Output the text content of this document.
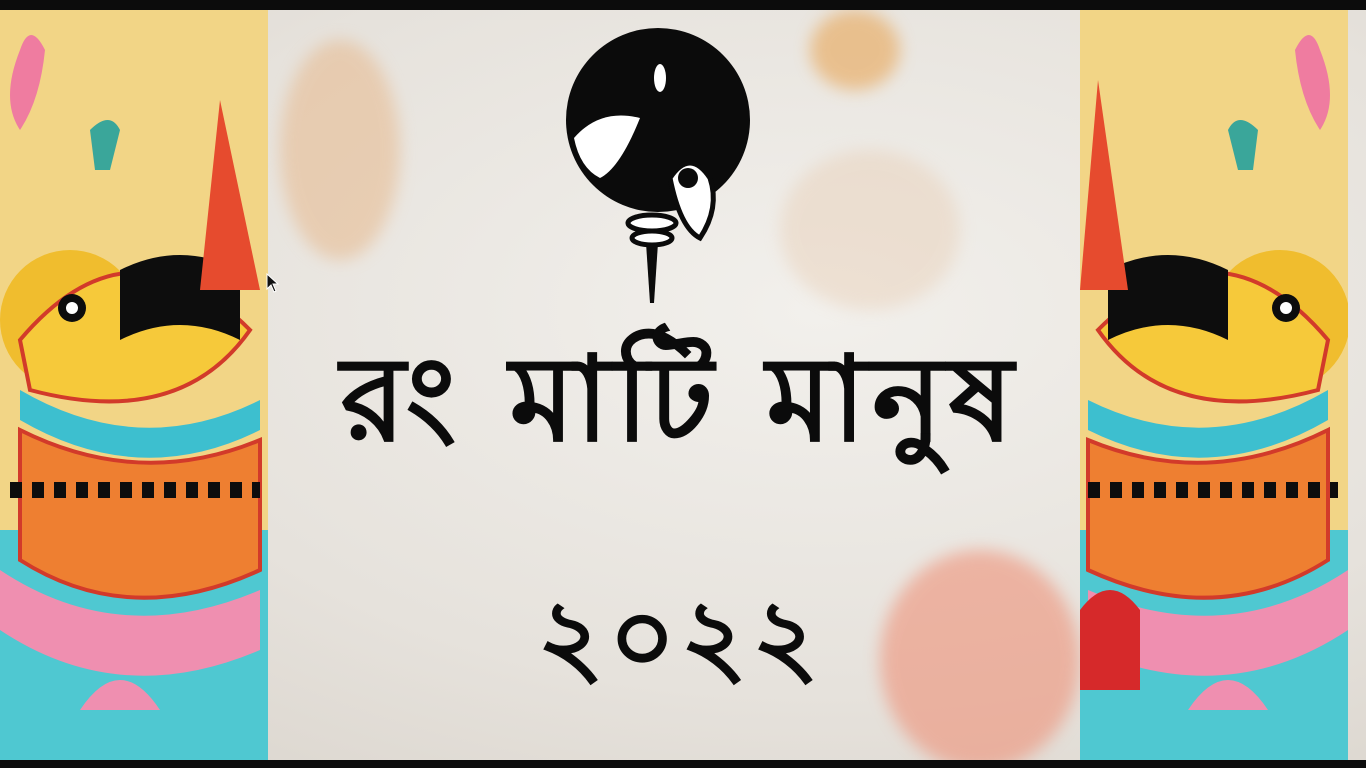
রং মাটি মানুষ
২০২২
